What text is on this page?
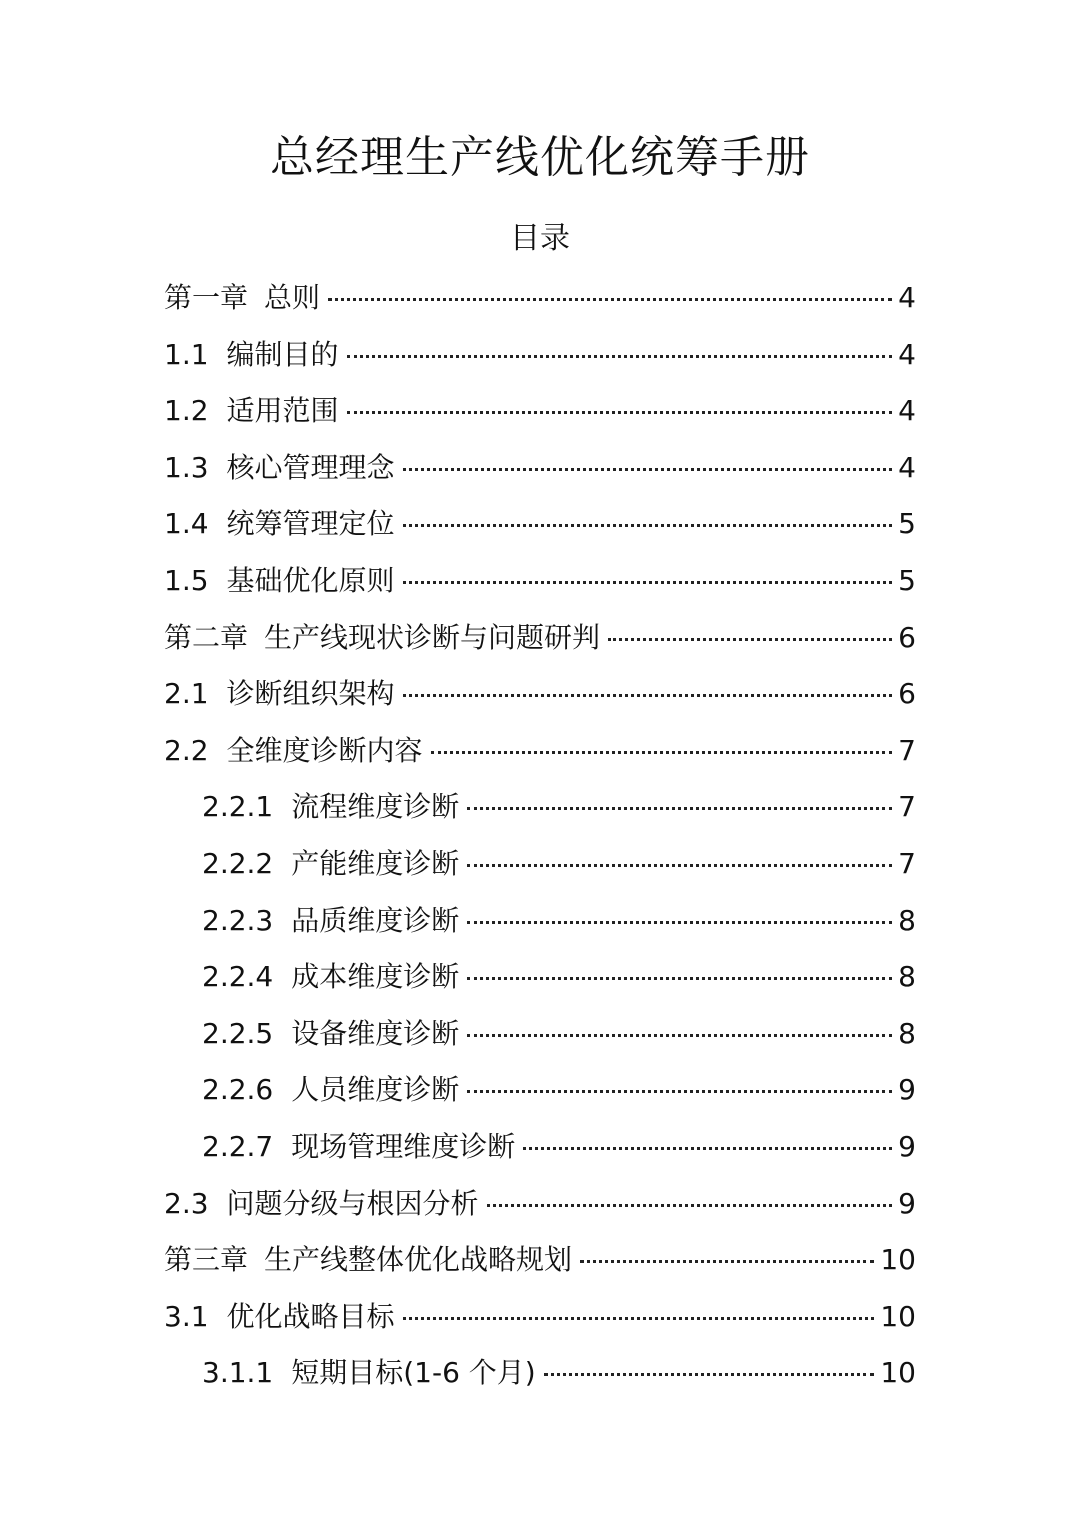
总经理生产线优化统筹手册
目录
第一章 总则	4
1.1 编制目的	4
1.2 适用范围	4
1.3 核心管理理念	4
1.4 统筹管理定位	5
1.5 基础优化原则	5
第二章 生产线现状诊断与问题研判	6
2.1 诊断组织架构	6
2.2 全维度诊断内容	7
2.2.1 流程维度诊断	7
2.2.2 产能维度诊断	7
2.2.3 品质维度诊断	8
2.2.4 成本维度诊断	8
2.2.5 设备维度诊断	8
2.2.6 人员维度诊断	9
2.2.7 现场管理维度诊断	9
2.3 问题分级与根因分析	9
第三章 生产线整体优化战略规划	10
3.1 优化战略目标	10
3.1.1 短期目标(1-6 个月)	10
